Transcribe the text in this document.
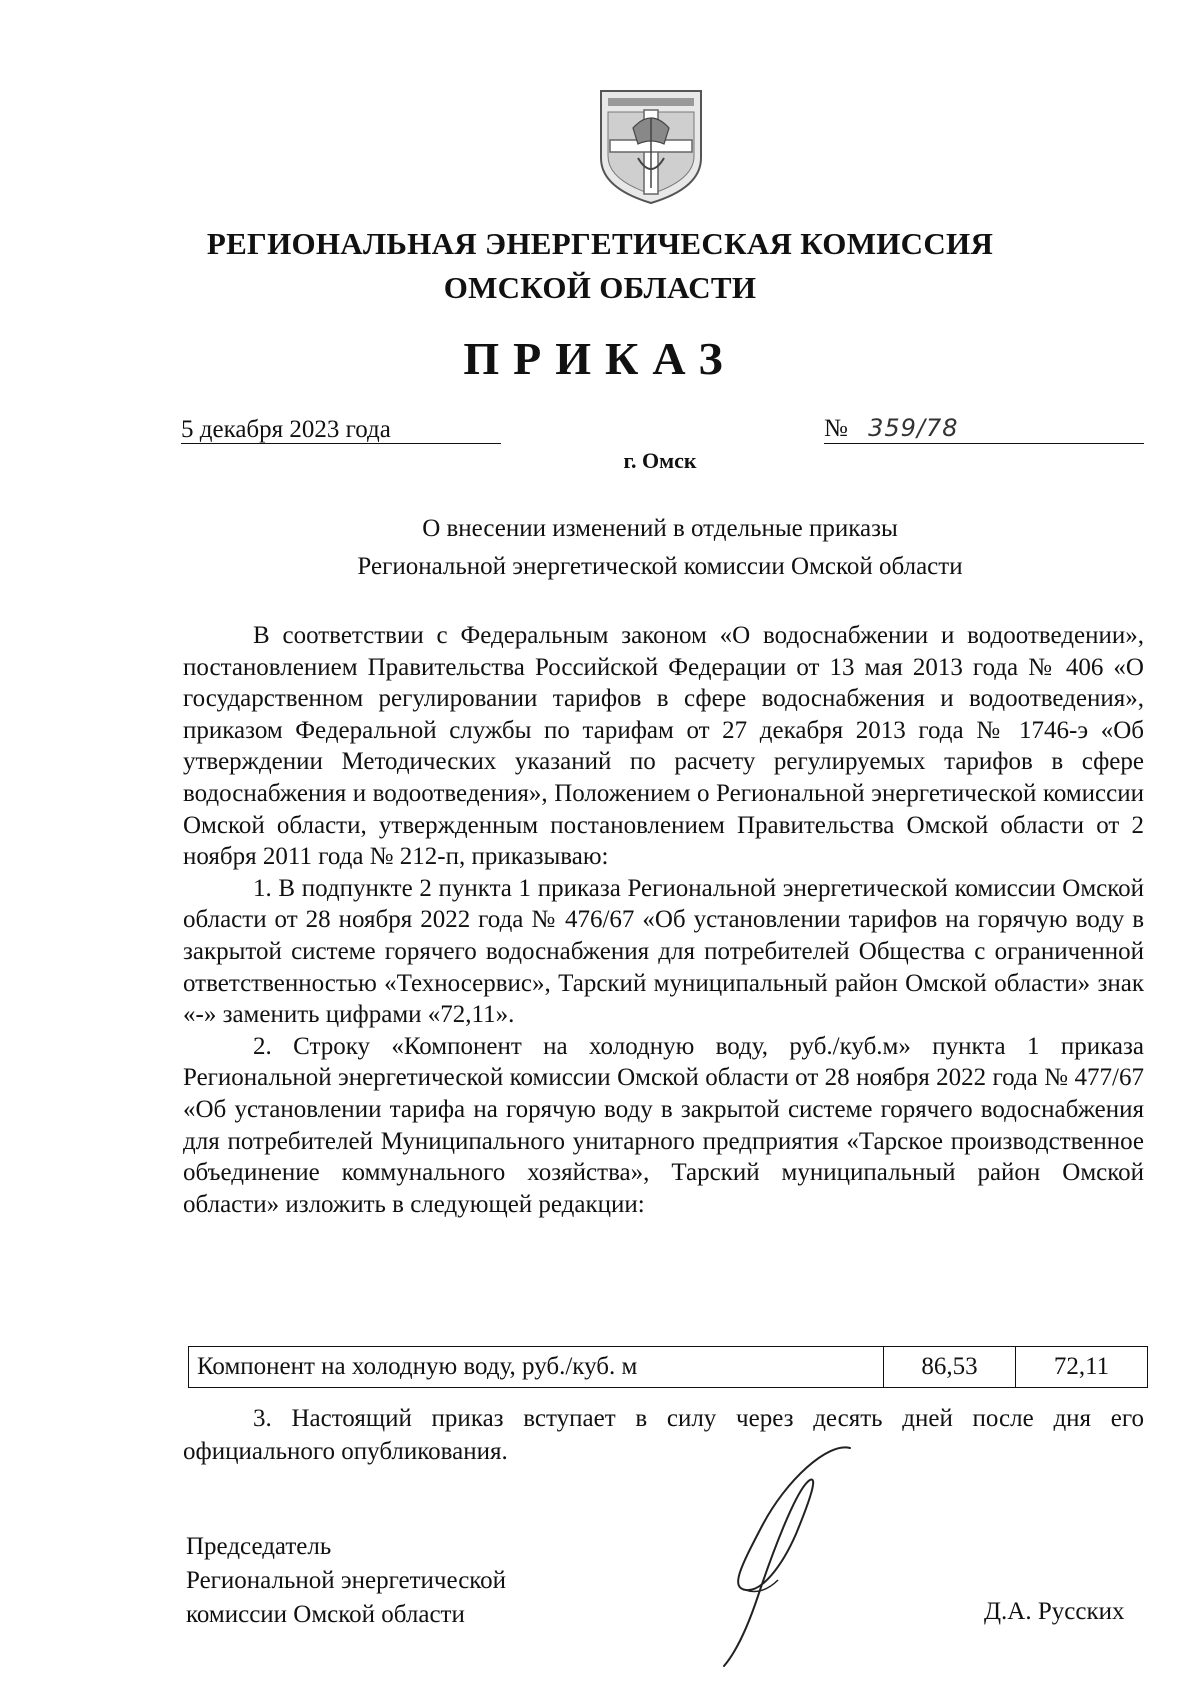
РЕГИОНАЛЬНАЯ ЭНЕРГЕТИЧЕСКАЯ КОМИССИЯ
ОМСКОЙ ОБЛАСТИ
ПРИКАЗ
5 декабря 2023 года	№ 359/78
г. Омск
О внесении изменений в отдельные приказы
Региональной энергетической комиссии Омской области

В соответствии с Федеральным законом «О водоснабжении и водоотведении», постановлением Правительства Российской Федерации от 13 мая 2013 года № 406 «О государственном регулировании тарифов в сфере водоснабжения и водоотведения», приказом Федеральной службы по тарифам от 27 декабря 2013 года № 1746-э «Об утверждении Методических указаний по расчету регулируемых тарифов в сфере водоснабжения и водоотведения», Положением о Региональной энергетической комиссии Омской области, утвержденным постановлением Правительства Омской области от 2 ноября 2011 года № 212-п, приказываю:

1. В подпункте 2 пункта 1 приказа Региональной энергетической комиссии Омской области от 28 ноября 2022 года № 476/67 «Об установлении тарифов на горячую воду в закрытой системе горячего водоснабжения для потребителей Общества с ограниченной ответственностью «Техносервис», Тарский муниципальный район Омской области» знак «-» заменить цифрами «72,11».

2. Строку «Компонент на холодную воду, руб./куб.м» пункта 1 приказа Региональной энергетической комиссии Омской области от 28 ноября 2022 года № 477/67 «Об установлении тарифа на горячую воду в закрытой системе горячего водоснабжения для потребителей Муниципального унитарного предприятия «Тарское производственное объединение коммунального хозяйства», Тарский муниципальный район Омской области» изложить в следующей редакции:

Компонент на холодную воду, руб./куб. м	86,53	72,11

3. Настоящий приказ вступает в силу через десять дней после дня его официального опубликования.

Председатель
Региональной энергетической
комиссии Омской области	Д.А. Русских
